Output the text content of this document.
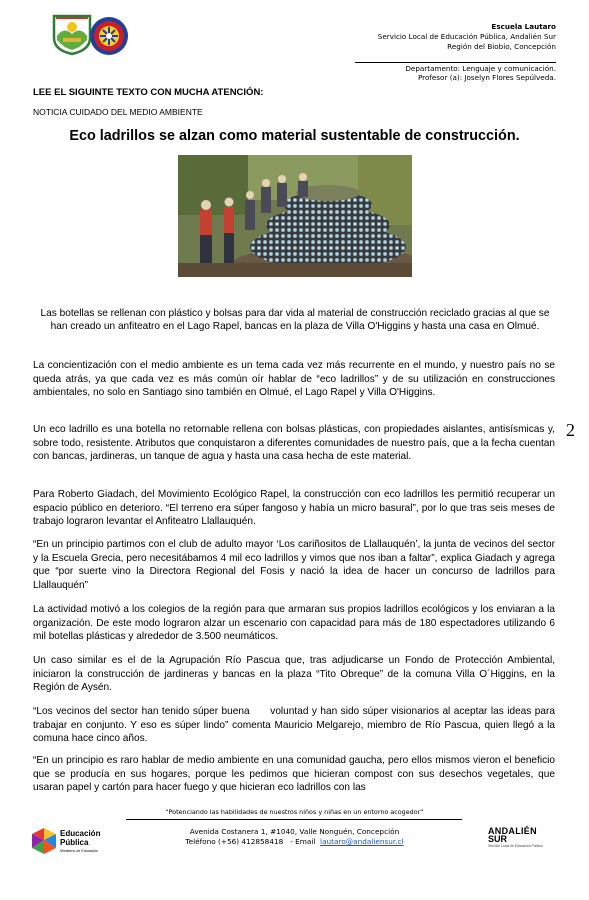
Escuela Lautaro
Servicio Local de Educación Pública, Andalién Sur
Región del Biobío, Concepción
Departamento: Lenguaje y comunicación.
Profesor (a): Joselyn Flores Sepúlveda.
LEE EL SIGUINTE TEXTO CON MUCHA ATENCIÓN:
NOTICIA CUIDADO DEL MEDIO AMBIENTE
Eco ladrillos se alzan como material sustentable de construcción.
Las botellas se rellenan con plástico y bolsas para dar vida al material de construcción reciclado gracias al que se han creado un anfiteatro en el Lago Rapel, bancas en la plaza de Villa O'Higgins y hasta una casa en Olmué.
La concientización con el medio ambiente es un tema cada vez más recurrente en el mundo, y nuestro país no se queda atrás, ya que cada vez es más común oír hablar de “eco ladrillos” y de su utilización en construcciones ambientales, no solo en Santiago sino también en Olmué, el Lago Rapel y Villa O'Higgins.
Un eco ladrillo es una botella no retornable rellena con bolsas plásticas, con propiedades aislantes, antisísmicas y, sobre todo, resistente. Atributos que conquistaron a diferentes comunidades de nuestro país, que a la fecha cuentan con bancas, jardineras, un tanque de agua y hasta una casa hecha de este material.
Para Roberto Giadach, del Movimiento Ecológico Rapel, la construcción con eco ladrillos les permitió recuperar un espacio público en deterioro. “El terreno era súper fangoso y había un micro basural”, por lo que tras seis meses de trabajo lograron levantar el Anfiteatro Llallauquén.
“En un principio partimos con el club de adulto mayor ‘Los cariñositos de Llallauquén’, la junta de vecinos del sector y la Escuela Grecia, pero necesitábamos 4 mil eco ladrillos y vimos que nos iban a faltar”, explica Giadach y agrega que “por suerte vino la Directora Regional del Fosis y nació la idea de hacer un concurso de ladrillos para Llallauquén”
La actividad motivó a los colegios de la región para que armaran sus propios ladrillos ecológicos y los enviaran a la organización. De este modo lograron alzar un escenario con capacidad para más de 180 espectadores utilizando 6 mil botellas plásticas y alrededor de 3.500 neumáticos.
Un caso similar es el de la Agrupación Río Pascua que, tras adjudicarse un Fondo de Protección Ambiental, iniciaron la construcción de jardineras y bancas en la plaza “Tito Obreque” de la comuna Villa O´Higgins, en la Región de Aysén.
“Los vecinos del sector han tenido súper buena      voluntad y han sido súper visionarios al aceptar las ideas para trabajar en conjunto. Y eso es súper lindo” comenta Mauricio Melgarejo, miembro de Río Pascua, quien llegó a la comuna hace cinco años.
“En un principio es raro hablar de medio ambiente en una comunidad gaucha, pero ellos mismos vieron el beneficio que se producía en sus hogares, porque les pedimos que hicieran compost con sus desechos vegetales, que usaran papel y cartón para hacer fuego y que hicieran eco ladrillos con las
2
“Potenciando las habilidades de nuestros niños y niñas en un entorno acogedor“
Avenida Costanera 1, #1040, Valle Nonguén, Concepción
Teléfono (+56) 412858418   - Email  lautaro@andaliensur.cl
Educación
Pública
Ministerio de Educación
ANDALIÉN
SUR
Servicio Local de Educación Pública
